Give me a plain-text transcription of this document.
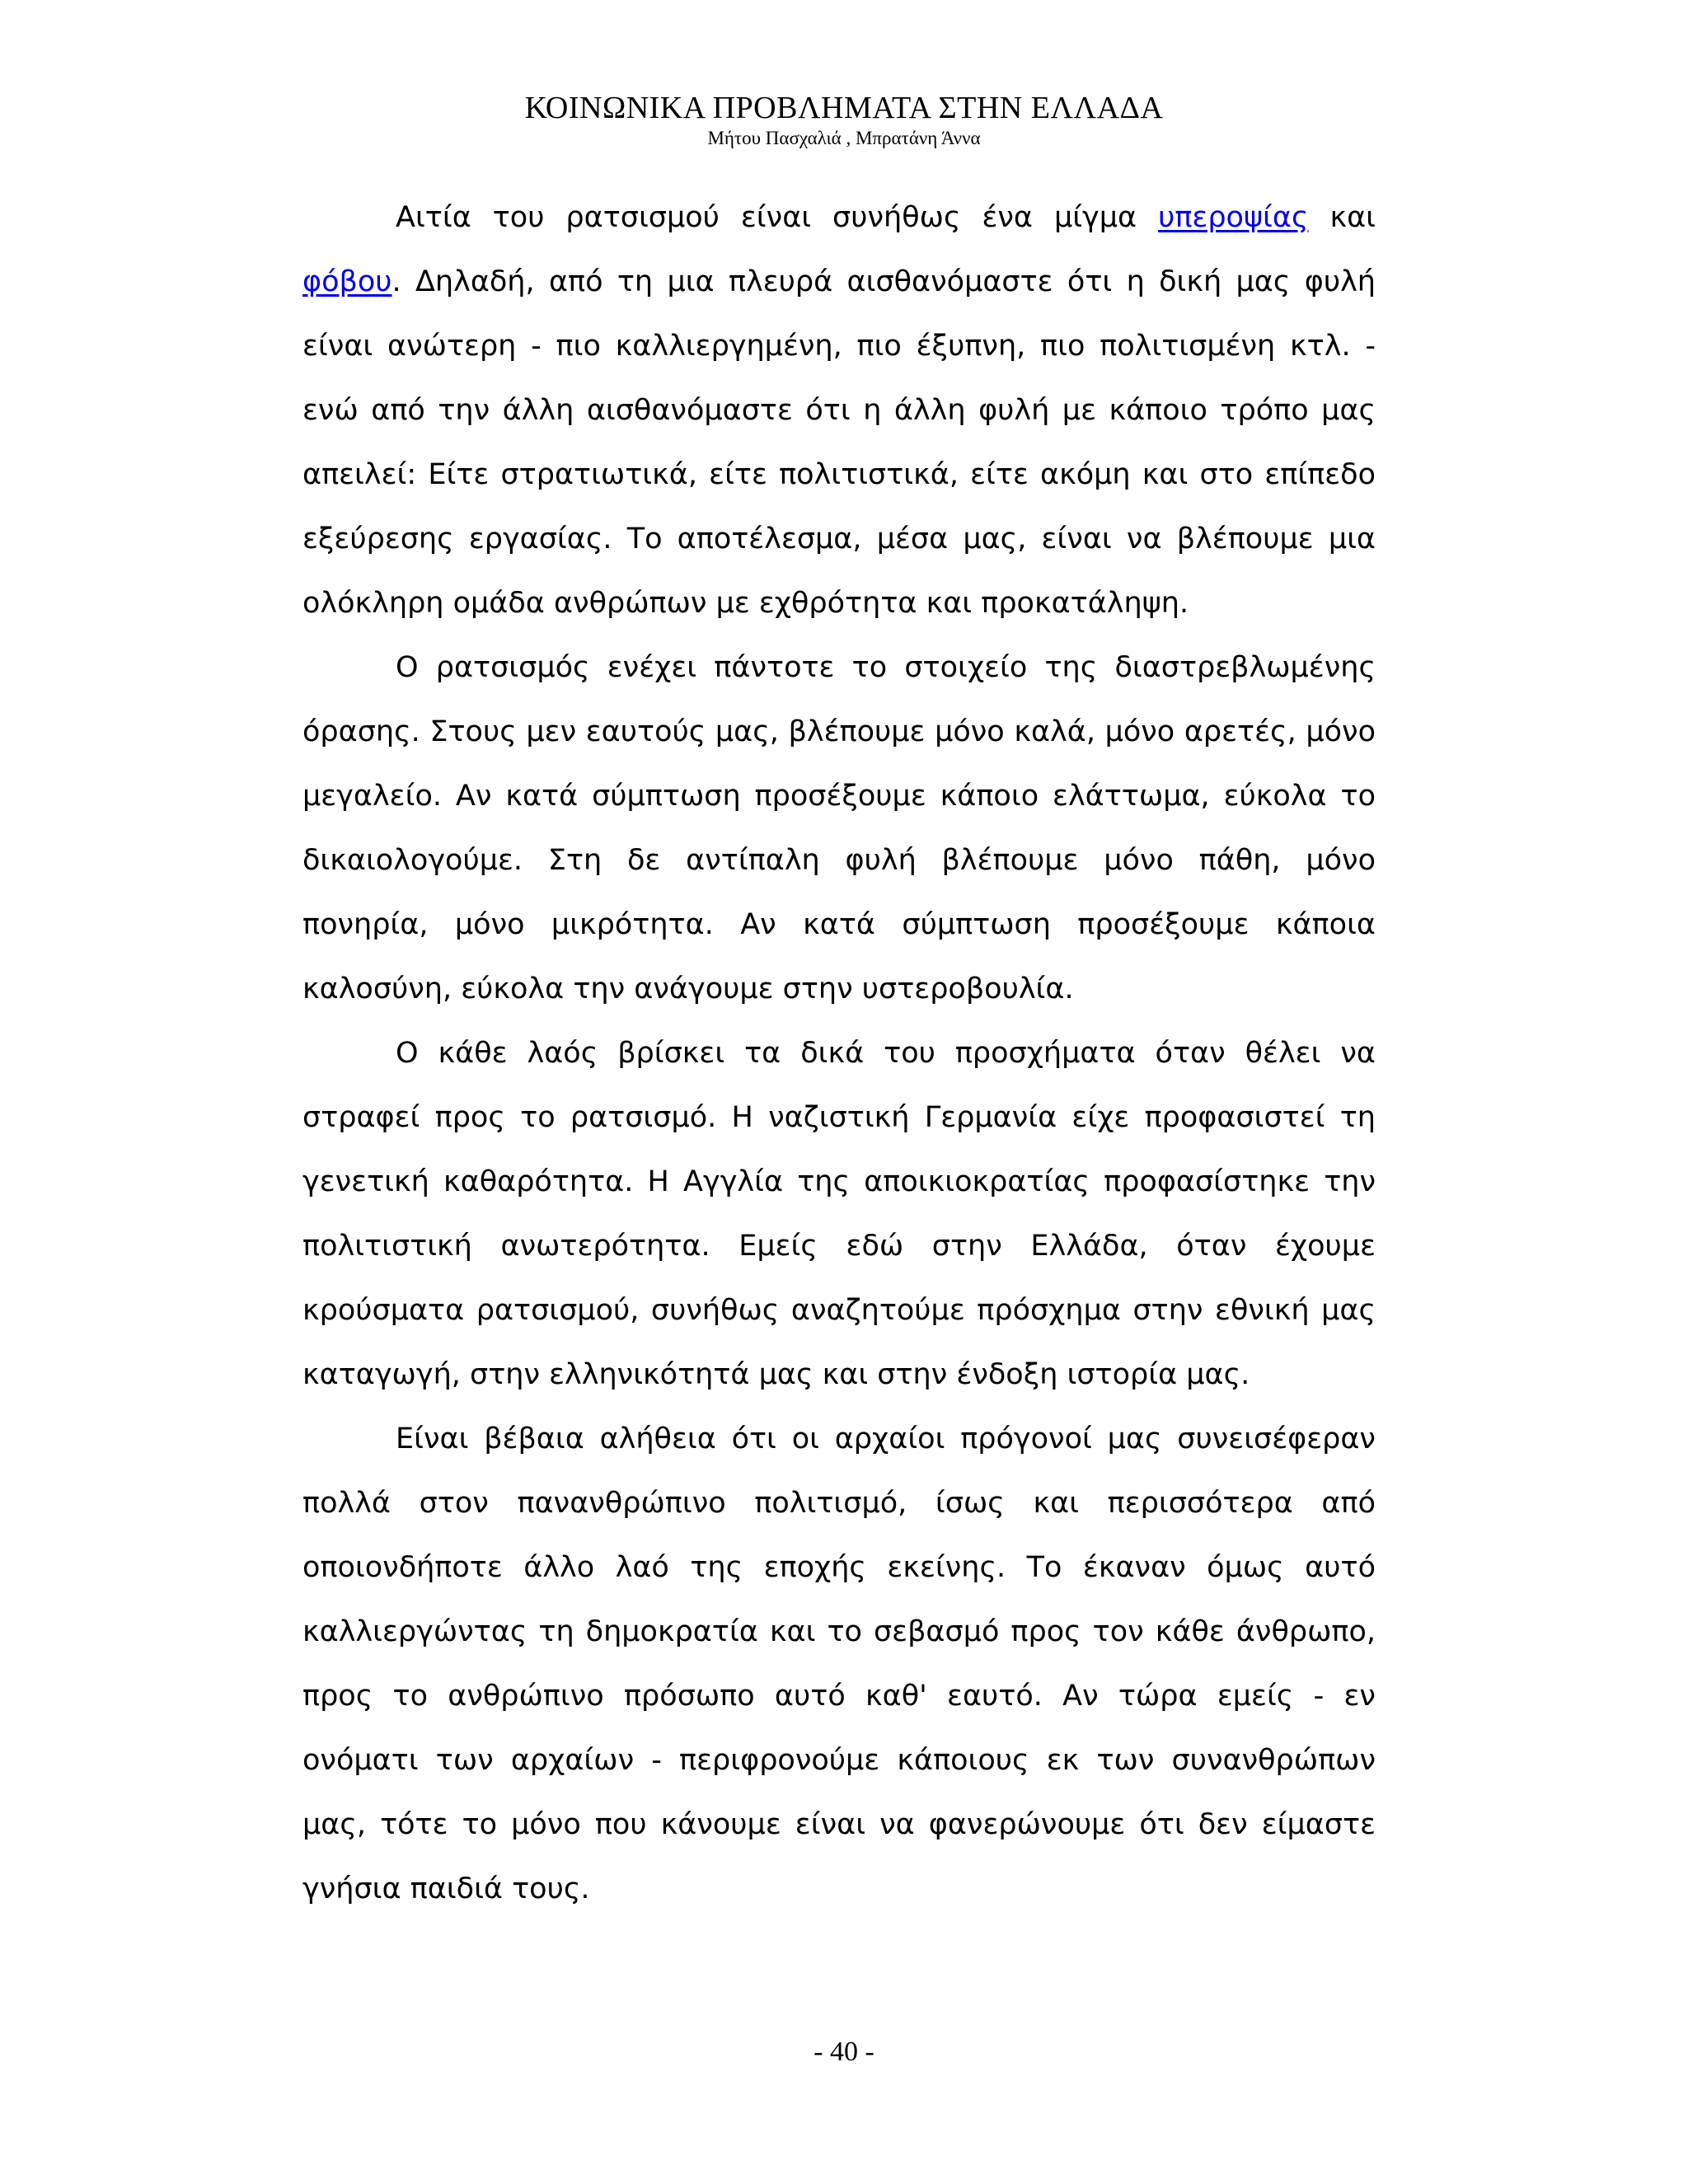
ΚΟΙΝΩΝΙΚΑ ΠΡΟΒΛΗΜΑΤΑ ΣΤΗΝ ΕΛΛΑΔΑ
Μήτου Πασχαλιά , Μπρατάνη Άννα

Αιτία του ρατσισμού είναι συνήθως ένα μίγμα υπεροψίας και φόβου. Δηλαδή, από τη μια πλευρά αισθανόμαστε ότι η δική μας φυλή είναι ανώτερη - πιο καλλιεργημένη, πιο έξυπνη, πιο πολιτισμένη κτλ. - ενώ από την άλλη αισθανόμαστε ότι η άλλη φυλή με κάποιο τρόπο μας απειλεί: Είτε στρατιωτικά, είτε πολιτιστικά, είτε ακόμη και στο επίπεδο εξεύρεσης εργασίας. Το αποτέλεσμα, μέσα μας, είναι να βλέπουμε μια ολόκληρη ομάδα ανθρώπων με εχθρότητα και προκατάληψη.

Ο ρατσισμός ενέχει πάντοτε το στοιχείο της διαστρεβλωμένης όρασης. Στους μεν εαυτούς μας, βλέπουμε μόνο καλά, μόνο αρετές, μόνο μεγαλείο. Αν κατά σύμπτωση προσέξουμε κάποιο ελάττωμα, εύκολα το δικαιολογούμε. Στη δε αντίπαλη φυλή βλέπουμε μόνο πάθη, μόνο πονηρία, μόνο μικρότητα. Αν κατά σύμπτωση προσέξουμε κάποια καλοσύνη, εύκολα την ανάγουμε στην υστεροβουλία.

Ο κάθε λαός βρίσκει τα δικά του προσχήματα όταν θέλει να στραφεί προς το ρατσισμό. Η ναζιστική Γερμανία είχε προφασιστεί τη γενετική καθαρότητα. Η Αγγλία της αποικιοκρατίας προφασίστηκε την πολιτιστική ανωτερότητα. Εμείς εδώ στην Ελλάδα, όταν έχουμε κρούσματα ρατσισμού, συνήθως αναζητούμε πρόσχημα στην εθνική μας καταγωγή, στην ελληνικότητά μας και στην ένδοξη ιστορία μας.

Είναι βέβαια αλήθεια ότι οι αρχαίοι πρόγονοί μας συνεισέφεραν πολλά στον πανανθρώπινο πολιτισμό, ίσως και περισσότερα από οποιονδήποτε άλλο λαό της εποχής εκείνης. Το έκαναν όμως αυτό καλλιεργώντας τη δημοκρατία και το σεβασμό προς τον κάθε άνθρωπο, προς το ανθρώπινο πρόσωπο αυτό καθ' εαυτό. Αν τώρα εμείς - εν ονόματι των αρχαίων - περιφρονούμε κάποιους εκ των συνανθρώπων μας, τότε το μόνο που κάνουμε είναι να φανερώνουμε ότι δεν είμαστε γνήσια παιδιά τους.

- 40 -
